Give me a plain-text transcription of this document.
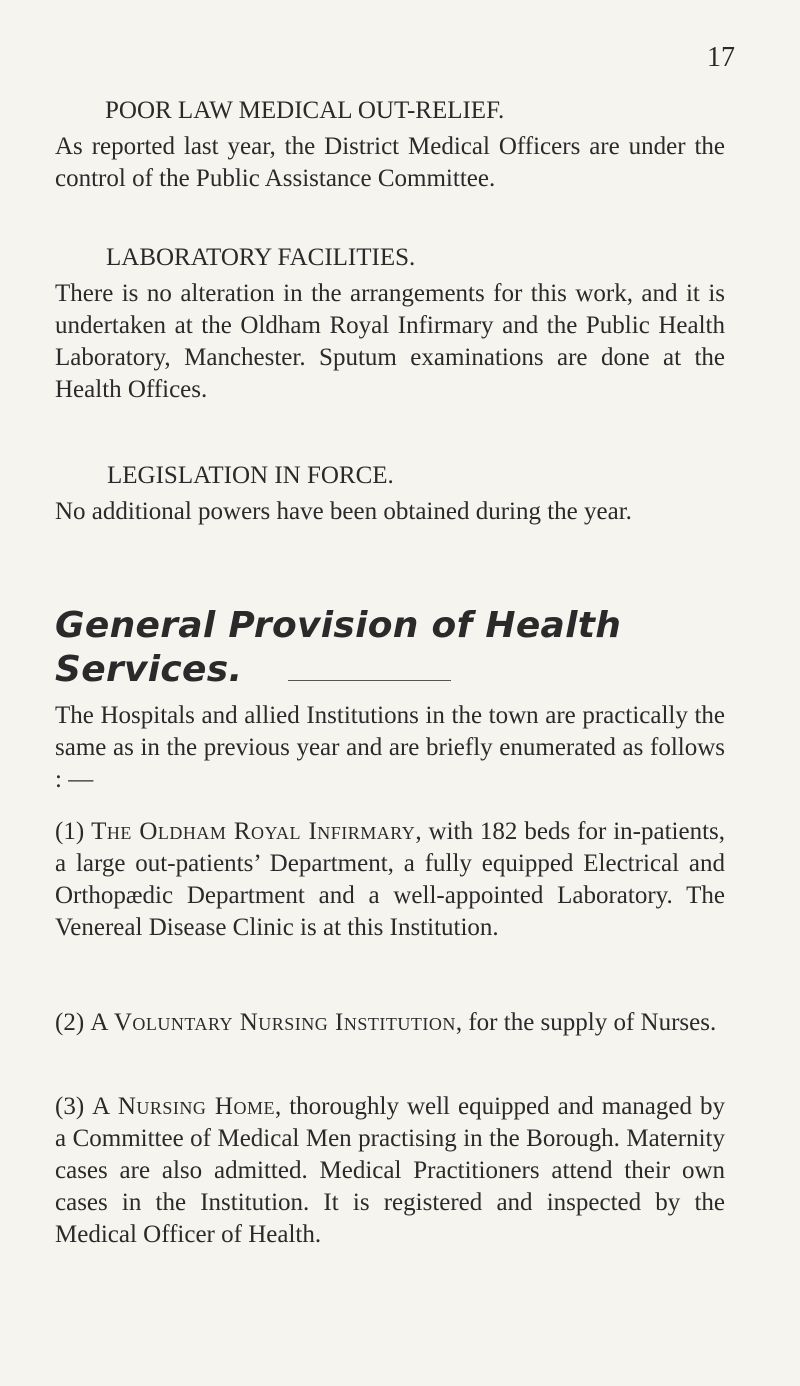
17
POOR LAW MEDICAL OUT-RELIEF.
As reported last year, the District Medical Officers are under the control of the Public Assistance Committee.
LABORATORY FACILITIES.
There is no alteration in the arrangements for this work, and it is undertaken at the Oldham Royal Infirmary and the Public Health Laboratory, Manchester. Sputum examinations are done at the Health Offices.
LEGISLATION IN FORCE.
No additional powers have been obtained during the year.
General Provision of Health Services.
The Hospitals and allied Institutions in the town are practically the same as in the previous year and are briefly enumerated as follows : —
(1) The Oldham Royal Infirmary, with 182 beds for in-patients, a large out-patients’ Department, a fully equipped Electrical and Orthopædic Department and a well-appointed Laboratory. The Venereal Disease Clinic is at this Institution.
(2) A Voluntary Nursing Institution, for the supply of Nurses.
(3) A Nursing Home, thoroughly well equipped and managed by a Committee of Medical Men practising in the Borough. Maternity cases are also admitted. Medical Practitioners attend their own cases in the Institution. It is registered and inspected by the Medical Officer of Health.
